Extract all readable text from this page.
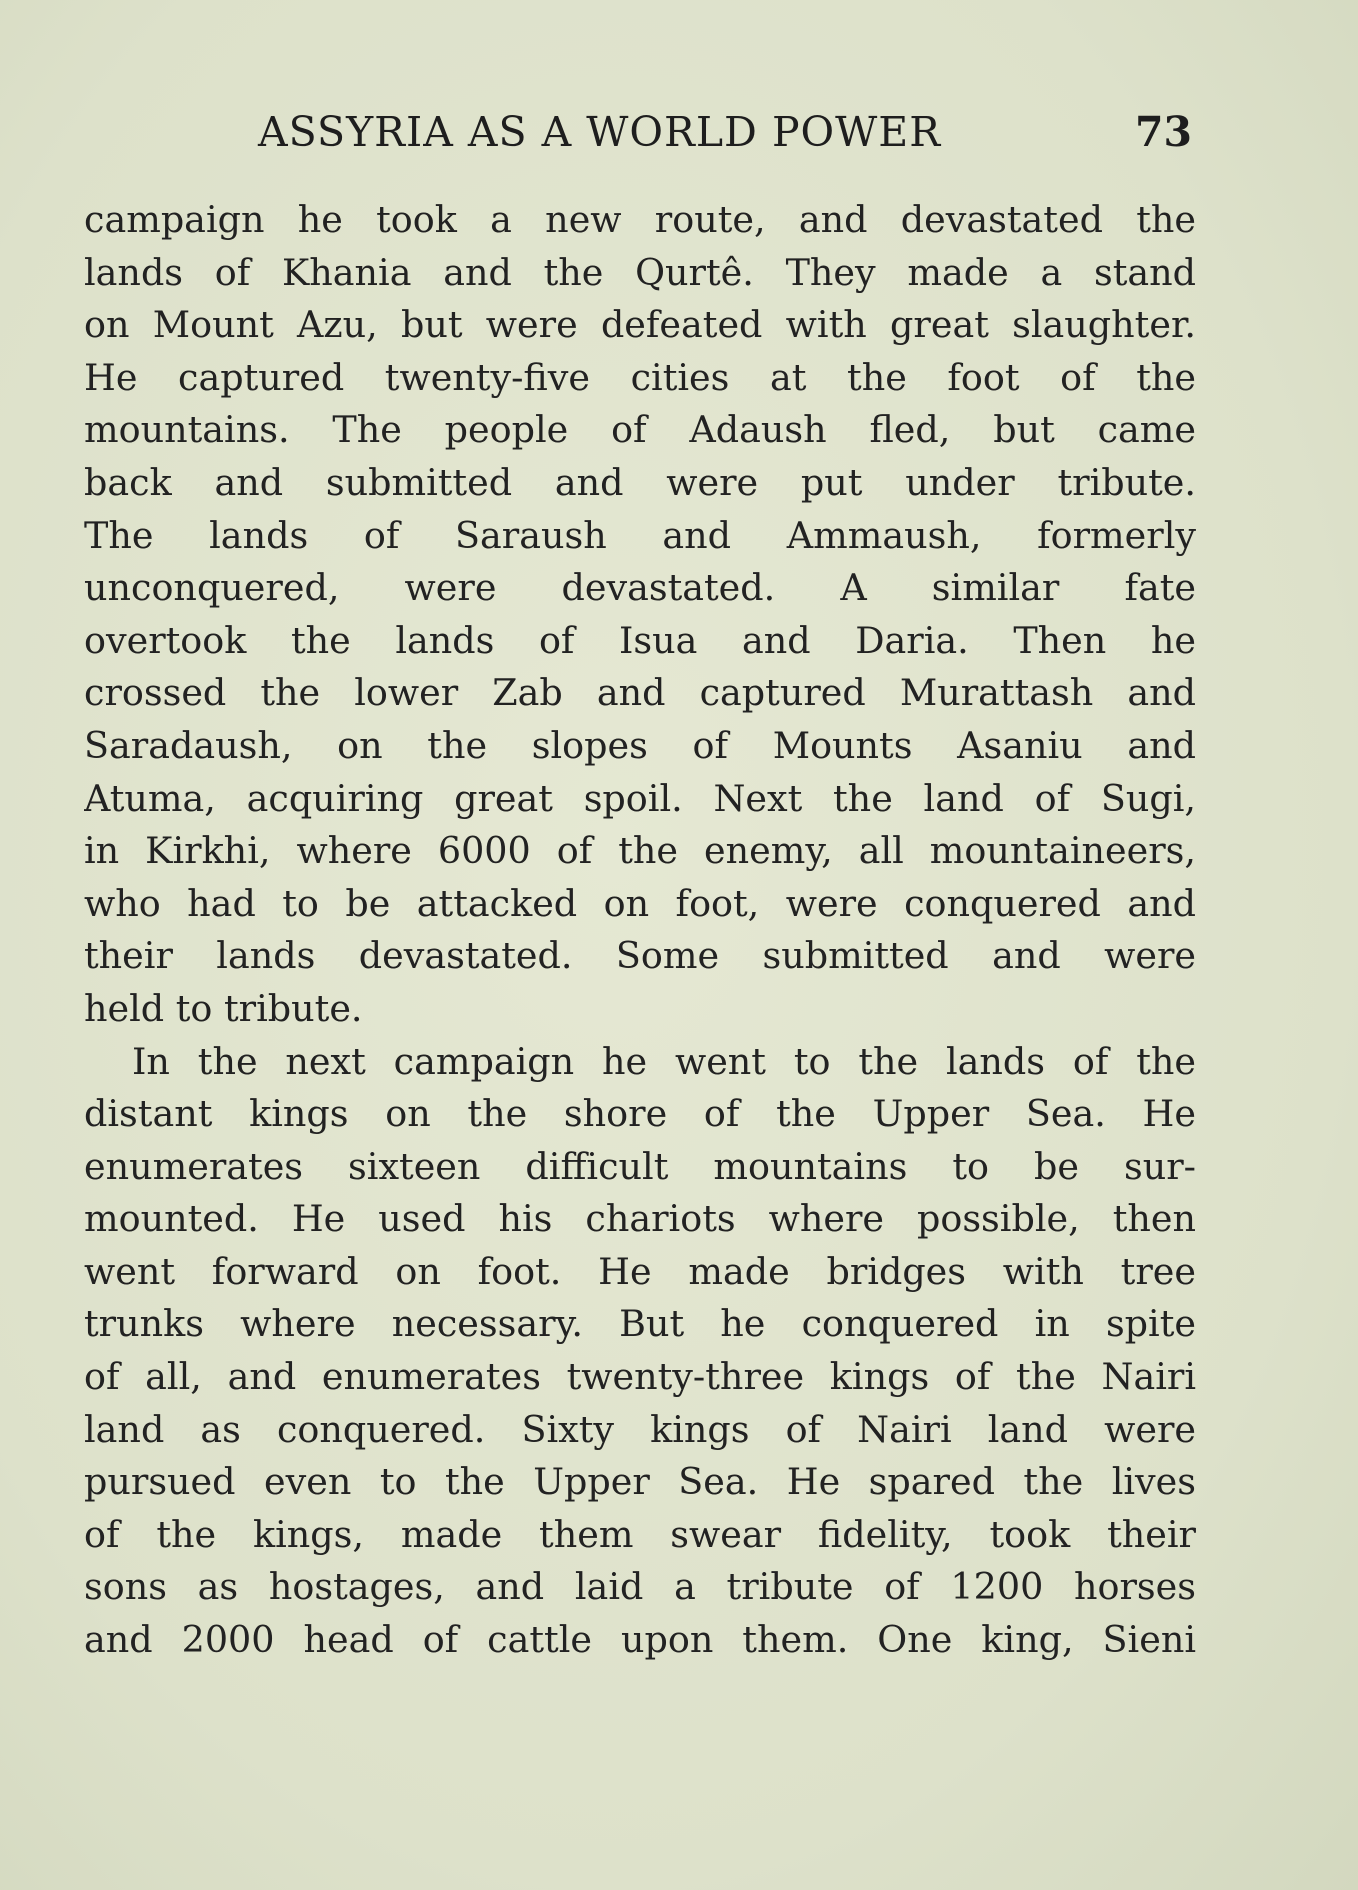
ASSYRIA AS A WORLD POWER	73
campaign he took a new route, and devastated the
lands of Khania and the Qurtê. They made a stand
on Mount Azu, but were defeated with great slaughter.
He captured twenty-five cities at the foot of the
mountains. The people of Adaush fled, but came
back and submitted and were put under tribute.
The lands of Saraush and Ammaush, formerly
unconquered, were devastated. A similar fate
overtook the lands of Isua and Daria. Then he
crossed the lower Zab and captured Murattash and
Saradaush, on the slopes of Mounts Asaniu and
Atuma, acquiring great spoil. Next the land of Sugi,
in Kirkhi, where 6000 of the enemy, all mountaineers,
who had to be attacked on foot, were conquered and
their lands devastated. Some submitted and were
held to tribute.
In the next campaign he went to the lands of the
distant kings on the shore of the Upper Sea. He
enumerates sixteen difficult mountains to be sur-
mounted. He used his chariots where possible, then
went forward on foot. He made bridges with tree
trunks where necessary. But he conquered in spite
of all, and enumerates twenty-three kings of the Nairi
land as conquered. Sixty kings of Nairi land were
pursued even to the Upper Sea. He spared the lives
of the kings, made them swear fidelity, took their
sons as hostages, and laid a tribute of 1200 horses
and 2000 head of cattle upon them. One king, Sieni
